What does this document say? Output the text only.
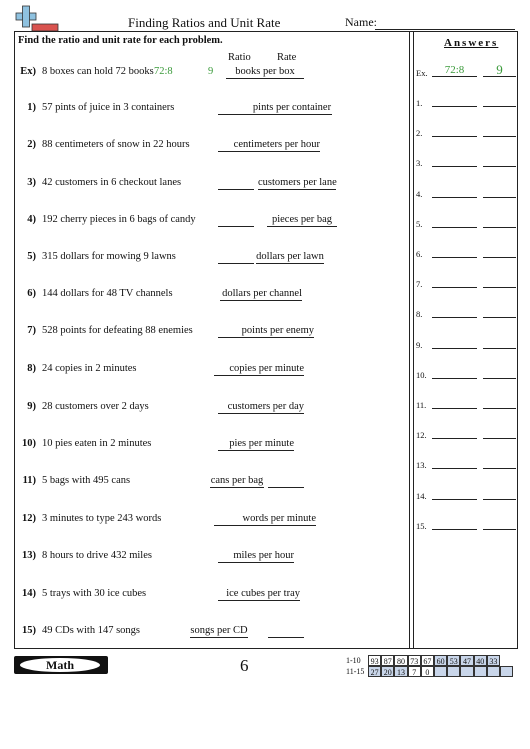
Finding Ratios and Unit Rate	Name:
Find the ratio and unit rate for each problem.	Answers
Ratio	Rate
Ex) 8 boxes can hold 72 books 72:8	9	books per box
1) 57 pints of juice in 3 containers	pints per container
2) 88 centimeters of snow in 22 hours	centimeters per hour
3) 42 customers in 6 checkout lanes	customers per lane
4) 192 cherry pieces in 6 bags of candy	pieces per bag
5) 315 dollars for mowing 9 lawns	dollars per lawn
6) 144 dollars for 48 TV channels	dollars per channel
7) 528 points for defeating 88 enemies	points per enemy
8) 24 copies in 2 minutes	copies per minute
9) 28 customers over 2 days	customers per day
10) 10 pies eaten in 2 minutes	pies per minute
11) 5 bags with 495 cans	cans per bag
12) 3 minutes to type 243 words	words per minute
13) 8 hours to drive 432 miles	miles per hour
14) 5 trays with 30 ice cubes	ice cubes per tray
15) 49 CDs with 147 songs	songs per CD
Ex.	72:8	9
1.
2.
3.
4.
5.
6.
7.
8.
9.
10.
11.
12.
13.
14.
15.
Math	6	1-10	93 87 80 73 67 60 53 47 40 33
11-15 27 20 13 7	0
